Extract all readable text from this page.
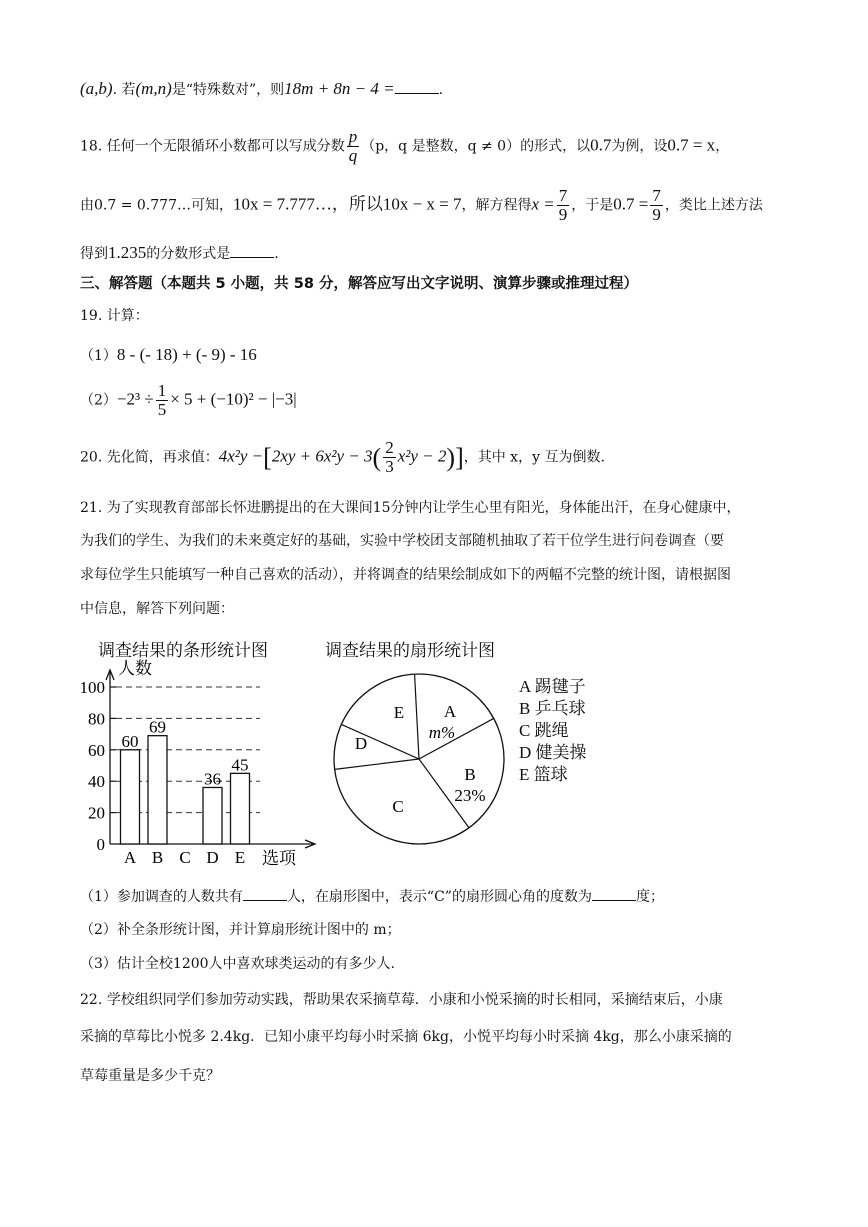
(a,b). 若(m,n)是“特殊数对”，则18m + 8n − 4 =	.
18. 任何一个无限循环小数都可以写成分数 $\frac{p}{q} (p$，q 是整数，q ≠ 0）的形式，以0.7为例，设0.7 = x，
由0.7 = 0.777…可知，10x = 7.777…，所以10x − x = 7，解方程得$x = \frac{7}{9}$ ，于是$0.7 = \frac{7}{9}$ ，类比上述方法
得到1.235的分数形式是	.
三、解答题（本题共 5 小题，共 58 分，解答应写出文字说明、演算步骤或推理过程）
19. 计算：
（1）8 - (- 18) + (- 9) - 16
$(2)-2^3 \div \frac{1}{5} \times 5 + (-10)^2 - |-3|$
20. 先化简，再求值：$4x^2y -[2xy + 6x^2y - 3( \frac{2}{3} x^2y - 2)]$，其中 x，y 互为倒数.
21. 为了实现教育部部长怀进鹏提出的在大课间15分钟内让学生心里有阳光，身体能出汗，在身心健康中，
为我们的学生、为我们的未来奠定好的基础，实验中学校团支部随机抽取了若干位学生进行问卷调查（要
求每位学生只能填写一种自己喜欢的活动），并将调查的结果绘制成如下的两幅不完整的统计图，请根据图
中信息，解答下列问题：
调查结果的条形统计图	调查结果的扇形统计图
0
20
40
60
80
100
人数
选项
A
60
B
69
C D
36
E
45
A
m%
B
23%
C
D
E
A 踢毽子
B 乒乓球
C 跳绳
D 健美操
E 篮球
（1）参加调查的人数共有	人，在扇形图中，表示“C”的扇形圆心角的度数为	度；
（2）补全条形统计图，并计算扇形统计图中的 m；
（3）估计全校1200人中喜欢球类运动的有多少人.
22. 学校组织同学们参加劳动实践，帮助果农采摘草莓．小康和小悦采摘的时长相同，采摘结束后，小康
采摘的草莓比小悦多 2.4kg．已知小康平均每小时采摘 6kg，小悦平均每小时采摘 4kg，那么小康采摘的
草莓重量是多少千克？
